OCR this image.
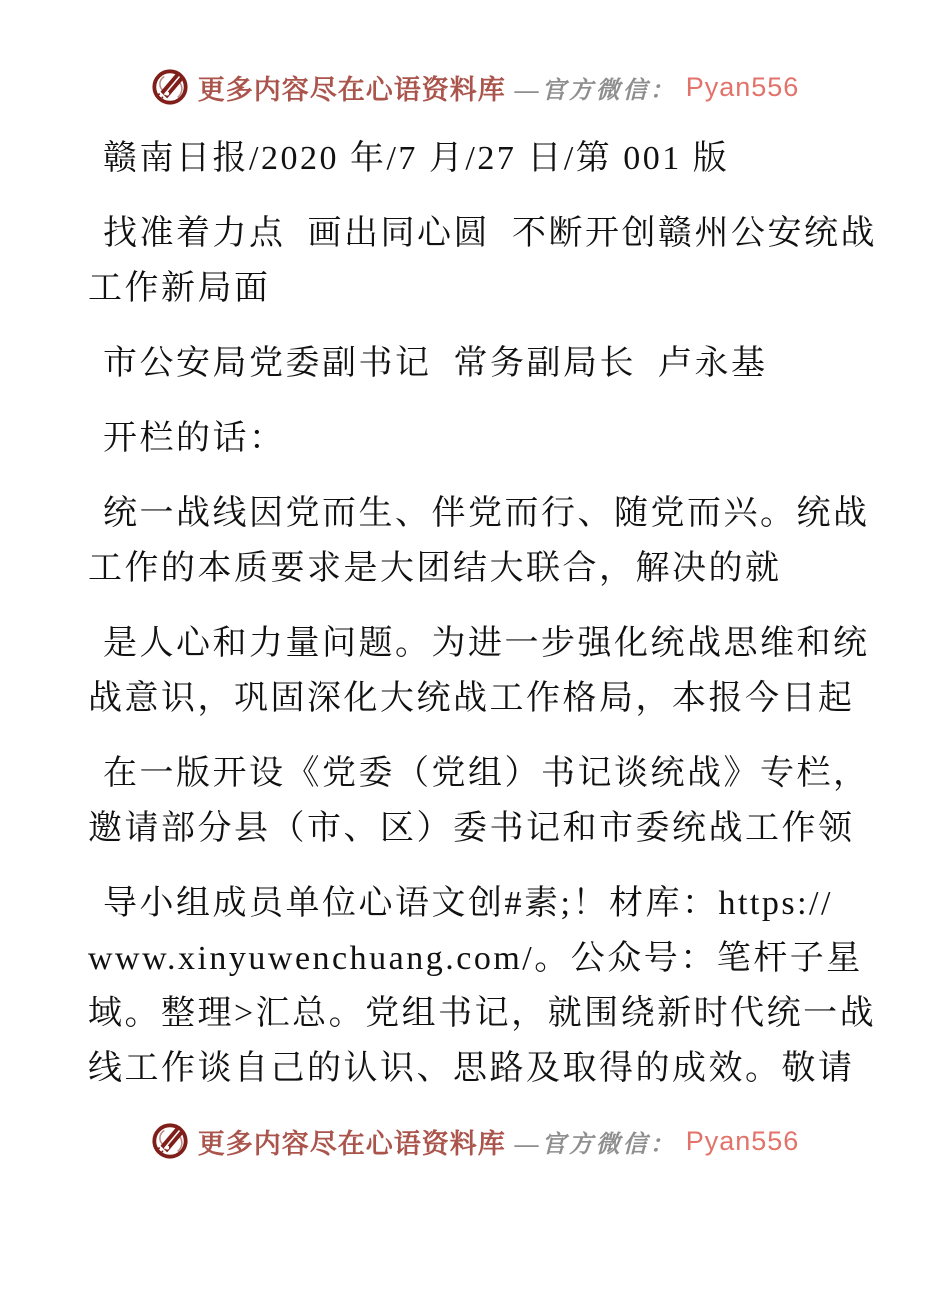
更多内容尽在心语资料库 —官方微信： Pyan556
赣南日报/2020 年/7 月/27 日/第 001 版
找准着力点  画出同心圆  不断开创赣州公安统战
工作新局面
市公安局党委副书记  常务副局长  卢永基
开栏的话：
统一战线因党而生、伴党而行、随党而兴。统战
工作的本质要求是大团结大联合，解决的就
是人心和力量问题。为进一步强化统战思维和统
战意识，巩固深化大统战工作格局，本报今日起
在一版开设《党委（党组）书记谈统战》专栏，
邀请部分县（市、区）委书记和市委统战工作领
导小组成员单位心语文创#素;！材库：https://
www.xinyuwenchuang.com/。公众号：笔杆子星
域。整理>汇总。党组书记，就围绕新时代统一战
线工作谈自己的认识、思路及取得的成效。敬请
更多内容尽在心语资料库 —官方微信： Pyan556
